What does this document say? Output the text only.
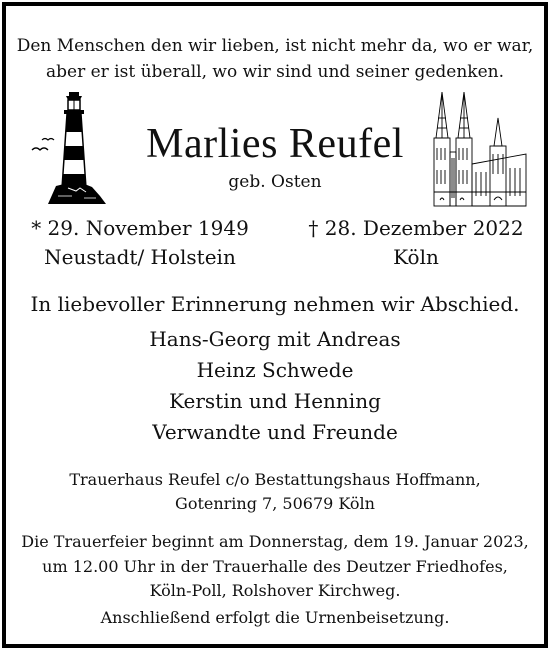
Den Menschen den wir lieben, ist nicht mehr da, wo er war,
aber er ist überall, wo wir sind und seiner gedenken.
Marlies Reufel
geb. Osten
* 29. November 1949
Neustadt/ Holstein
† 28. Dezember 2022
Köln
In liebevoller Erinnerung nehmen wir Abschied.
Hans-Georg mit Andreas
Heinz Schwede
Kerstin und Henning
Verwandte und Freunde
Trauerhaus Reufel c/o Bestattungshaus Hoffmann,
Gotenring 7, 50679 Köln
Die Trauerfeier beginnt am Donnerstag, dem 19. Januar 2023,
um 12.00 Uhr in der Trauerhalle des Deutzer Friedhofes,
Köln-Poll, Rolshover Kirchweg.
Anschließend erfolgt die Urnenbeisetzung.
